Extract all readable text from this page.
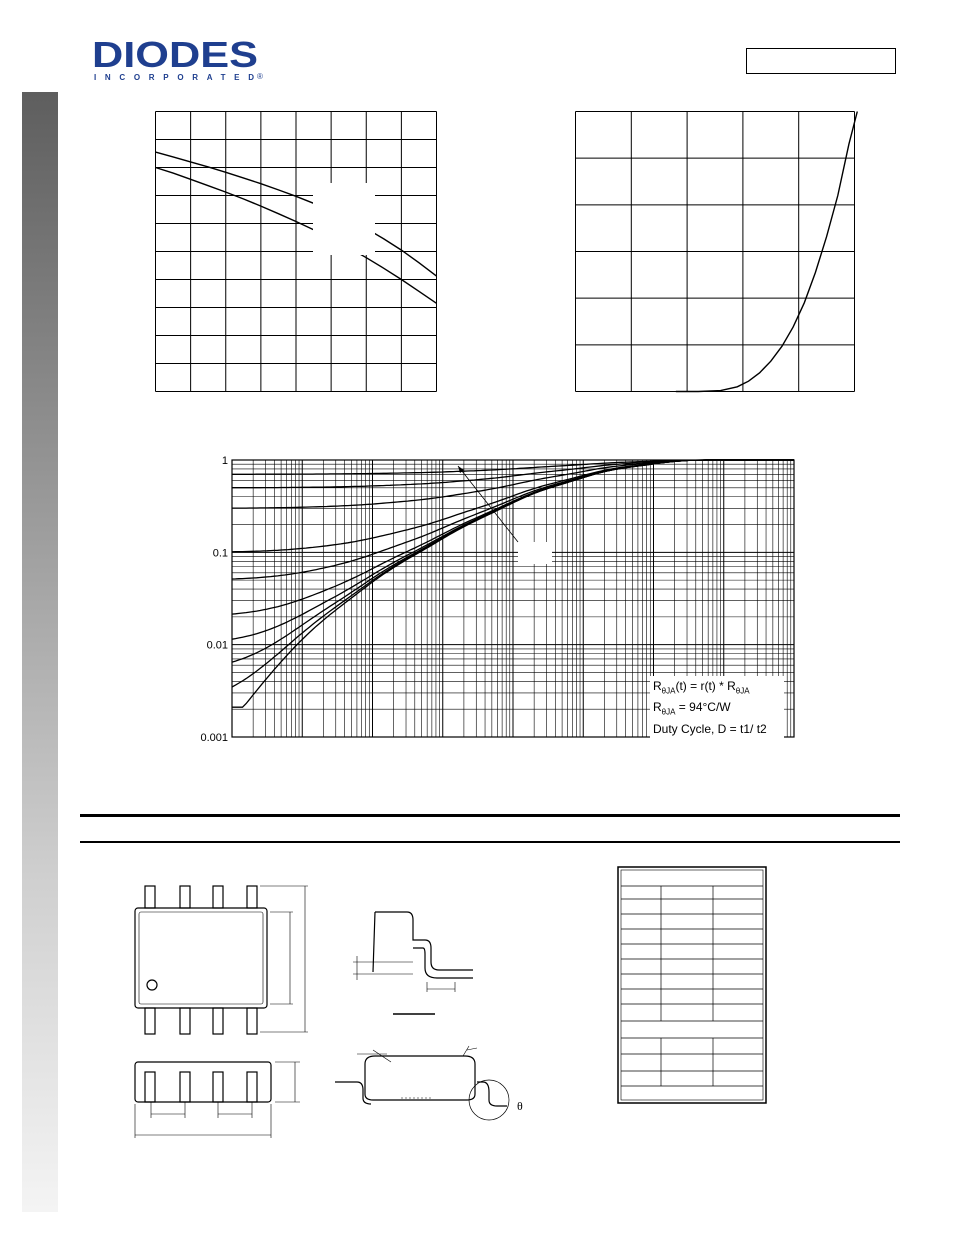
DIODES
INCORPORATED ®
1
0.1
0.01
0.001
$R_{\theta JA}(t) = r(t) * R_{\theta JA}$
$R_{\theta JA} = 94^\circ C/W$
Duty Cycle, D = t1/ t2
θ
